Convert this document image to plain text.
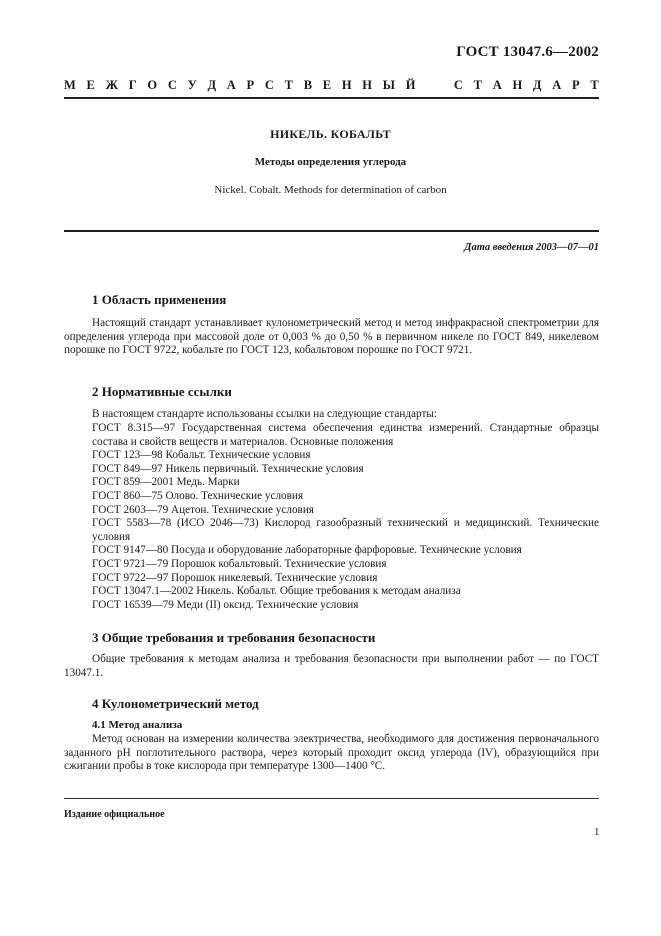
ГОСТ 13047.6—2002
М Е Ж Г О С У Д А Р С Т В Е Н Н Ы Й

	С Т А Н Д А Р Т
НИКЕЛЬ. КОБАЛЬТ
Методы определения углерода
Nickel. Cobalt. Methods for determination of carbon
Дата введения 2003—07—01
1 Область применения

Настоящий стандарт устанавливает кулонометрический метод и метод инфракрасной спектрометрии для определения углерода при массовой доле от 0,003 % до 0,50 % в первичном никеле по ГОСТ 849, никелевом порошке по ГОСТ 9722, кобальте по ГОСТ 123, кобальтовом порошке по ГОСТ 9721.

2 Нормативные ссылки

В настоящем стандарте использованы ссылки на следующие стандарты:

ГОСТ 8.315—97 Государственная система обеспечения единства измерений. Стандартные образцы состава и свойств веществ и материалов. Основные положения
ГОСТ 123—98 Кобальт. Технические условия
ГОСТ 849—97 Никель первичный. Технические условия
ГОСТ 859—2001 Медь. Марки
ГОСТ 860—75 Олово. Технические условия
ГОСТ 2603—79 Ацетон. Технические условия
ГОСТ 5583—78 (ИСО 2046—73) Кислород газообразный технический и медицинский. Технические условия
ГОСТ 9147—80 Посуда и оборудование лабораторные фарфоровые. Технические условия
ГОСТ 9721—79 Порошок кобальтовый. Технические условия
ГОСТ 9722—97 Порошок никелевый. Технические условия
ГОСТ 13047.1—2002 Никель. Кобальт. Общие требования к методам анализа
ГОСТ 16539—79 Меди (II) оксид. Технические условия
3 Общие требования и требования безопасности

Общие требования к методам анализа и требования безопасности при выполнении работ — по ГОСТ 13047.1.

4 Кулонометрический метод
4.1 Метод анализа

Метод основан на измерении количества электричества, необходимого для достижения первоначального заданного рН поглотительного раствора, через который проходит оксид углерода (IV), образующийся при сжигании пробы в токе кислорода при температуре 1300—1400 °С.

Издание официальное
1
